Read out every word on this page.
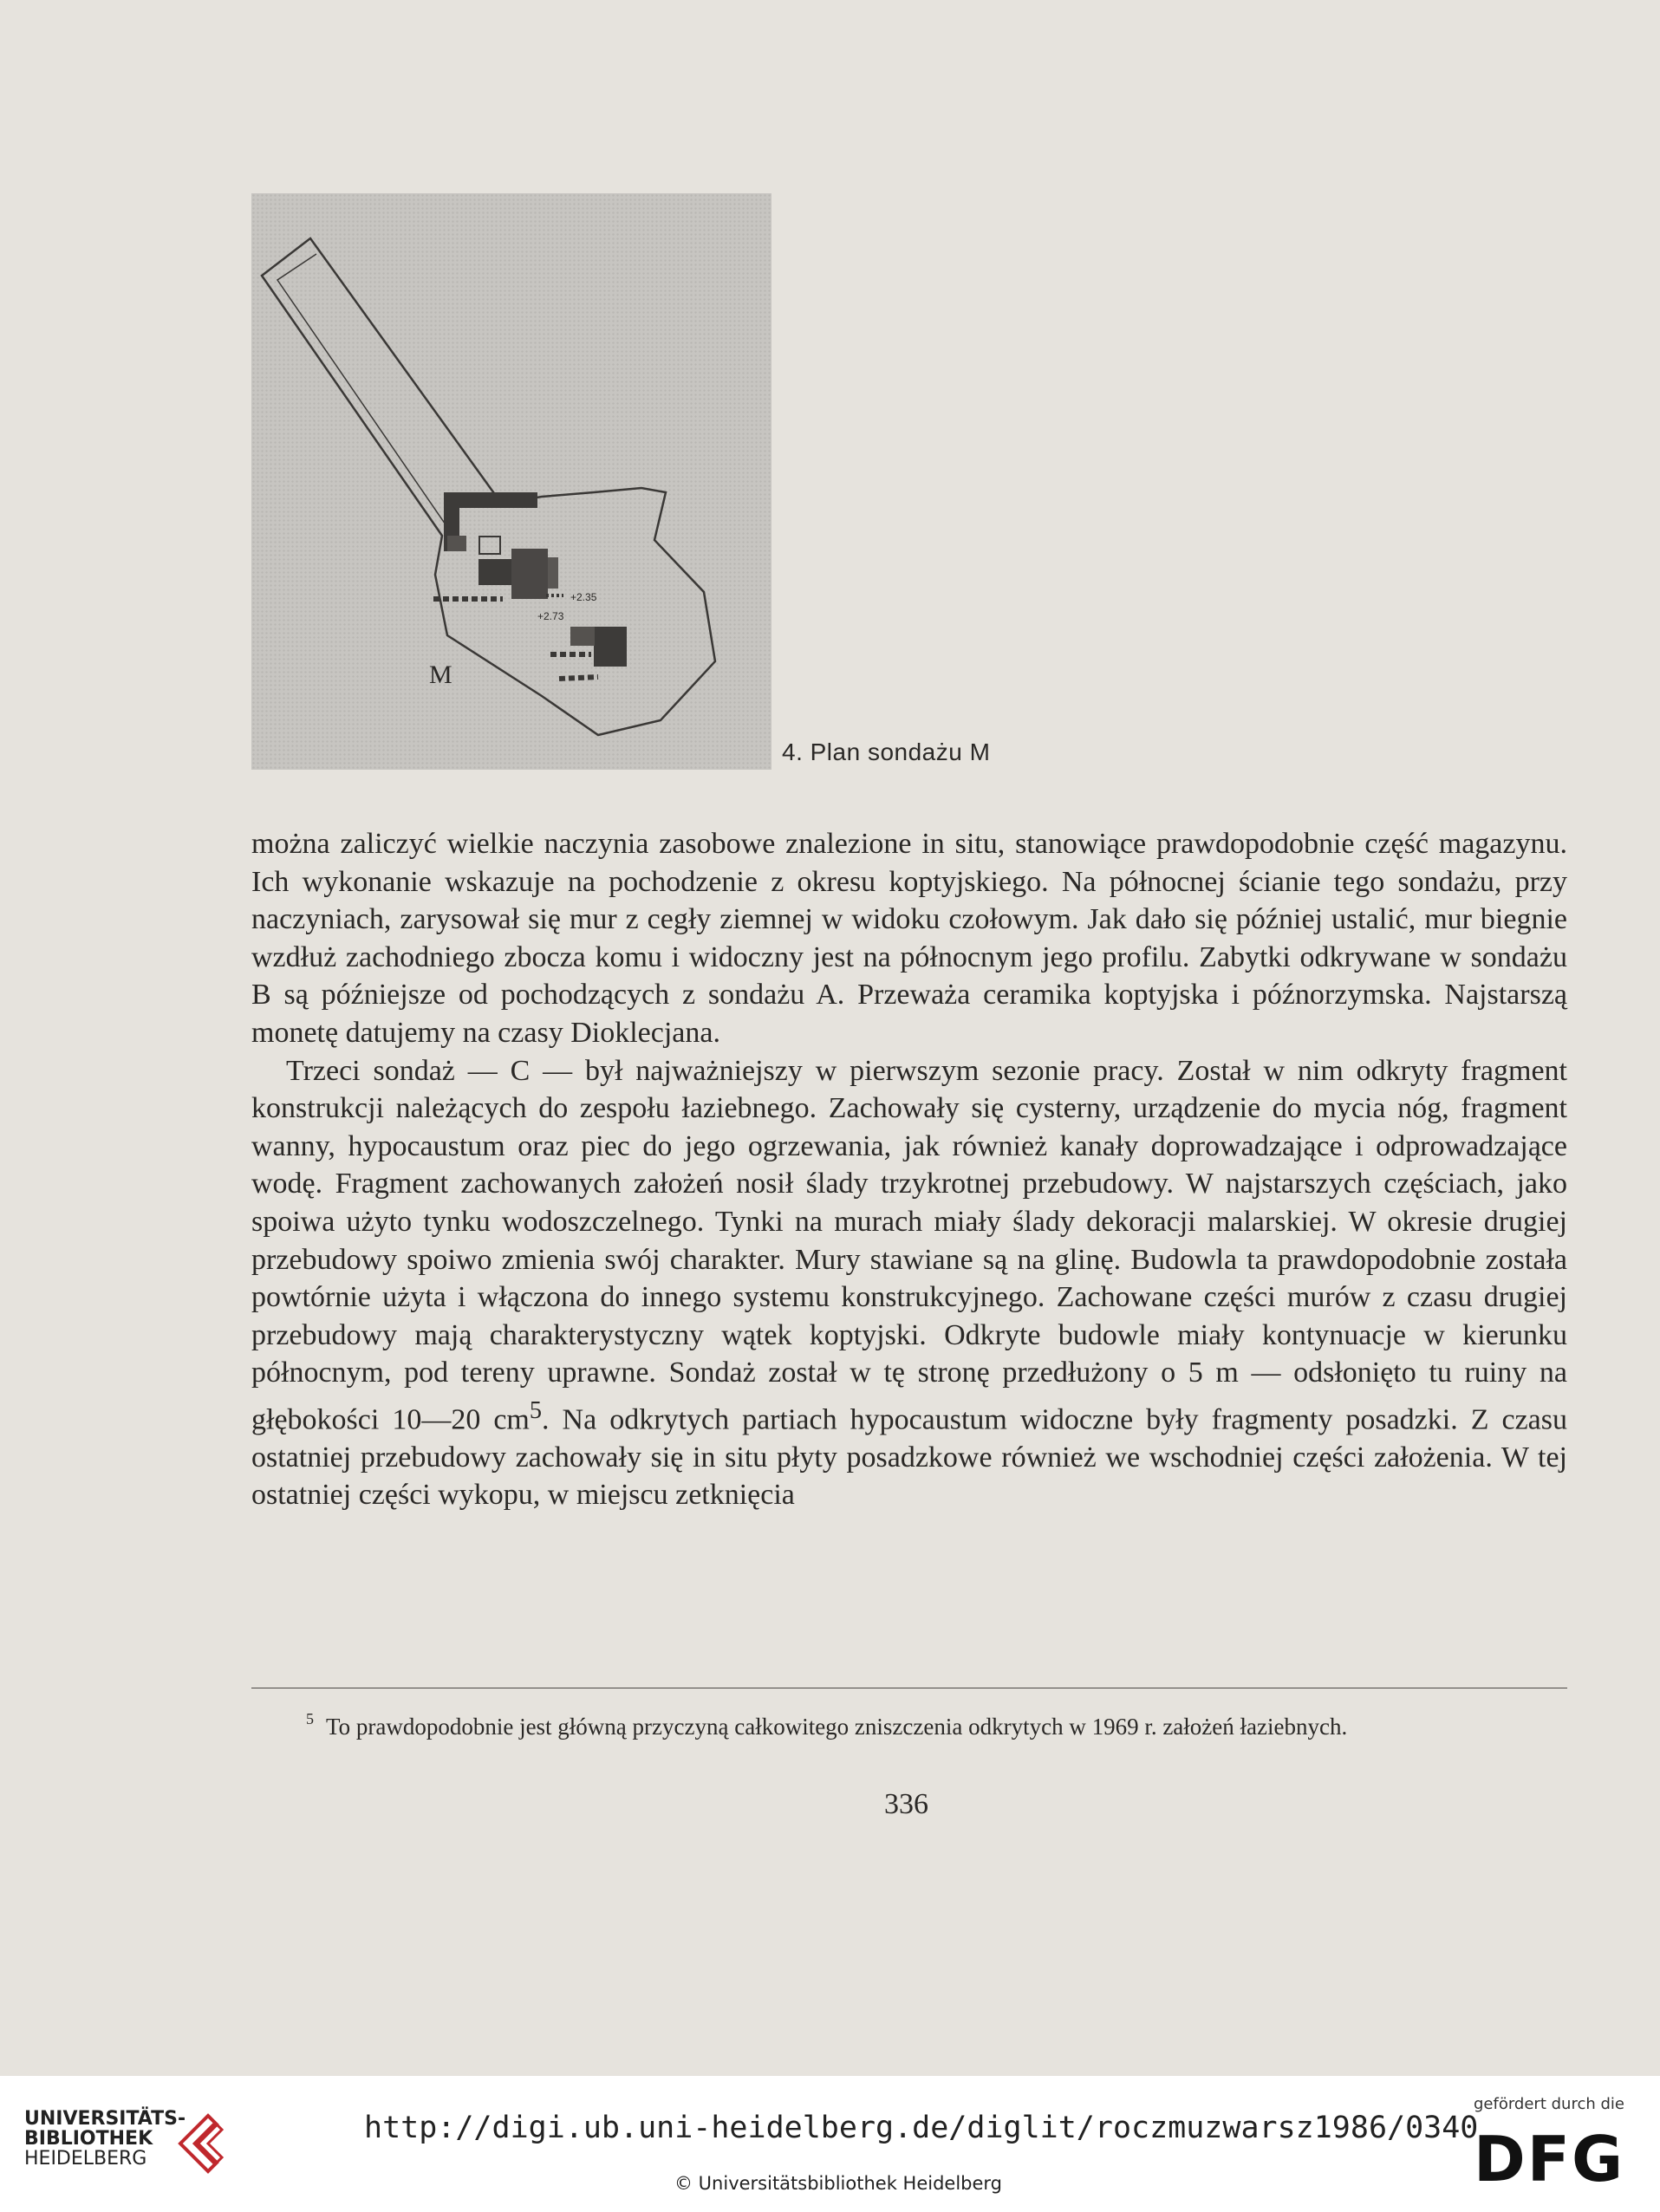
+2.35
+2.73
M
4. Plan sondażu M

można zaliczyć wielkie naczynia zasobowe znalezione in situ, stanowiące prawdopodobnie część magazynu. Ich wykonanie wskazuje na pochodzenie z okresu koptyjskiego. Na północnej ścianie tego sondażu, przy naczyniach, zarysował się mur z cegły ziemnej w widoku czołowym. Jak dało się później ustalić, mur biegnie wzdłuż zachodniego zbocza komu i widoczny jest na północnym jego profilu. Zabytki odkrywane w sondażu B są późniejsze od pochodzących z sondażu A. Przeważa ceramika koptyjska i późnorzymska. Najstarszą monetę datujemy na czasy Dioklecjana.

Trzeci sondaż — C — był najważniejszy w pierwszym sezonie pracy. Został w nim odkryty fragment konstrukcji należących do zespołu łaziebnego. Zachowały się cysterny, urządzenie do mycia nóg, fragment wanny, hypocaustum oraz piec do jego ogrzewania, jak również kanały doprowadzające i odprowadzające wodę. Fragment zachowanych założeń nosił ślady trzykrotnej przebudowy. W najstarszych częściach, jako spoiwa użyto tynku wodoszczelnego. Tynki na murach miały ślady dekoracji malarskiej. W okresie drugiej przebudowy spoiwo zmienia swój charakter. Mury stawiane są na glinę. Budowla ta prawdopodobnie została powtórnie użyta i włączona do innego systemu konstrukcyjnego. Zachowane części murów z czasu drugiej przebudowy mają charakterystyczny wątek koptyjski. Odkryte budowle miały kontynuacje w kierunku północnym, pod tereny uprawne. Sondaż został w tę stronę przedłużony o 5 m — odsłonięto tu ruiny na głębokości 10—20 $cm^5$. Na odkrytych partiach hypocaustum widoczne były fragmenty posadzki. Z czasu ostatniej przebudowy zachowały się in situ płyty posadzkowe również we wschodniej części założenia. W tej ostatniej części wykopu, w miejscu zetknięcia

$^5$ To prawdopodobnie jest główną przyczyną całkowitego zniszczenia odkrytych w 1969 r. założeń łaziebnych.
336
UNIVERSITÄTS-
BIBLIOTHEK
HEIDELBERG
http://digi.ub.uni-heidelberg.de/diglit/roczmuzwarsz1986/0340
© Universitätsbibliothek Heidelberg
gefördert durch die
DFG
